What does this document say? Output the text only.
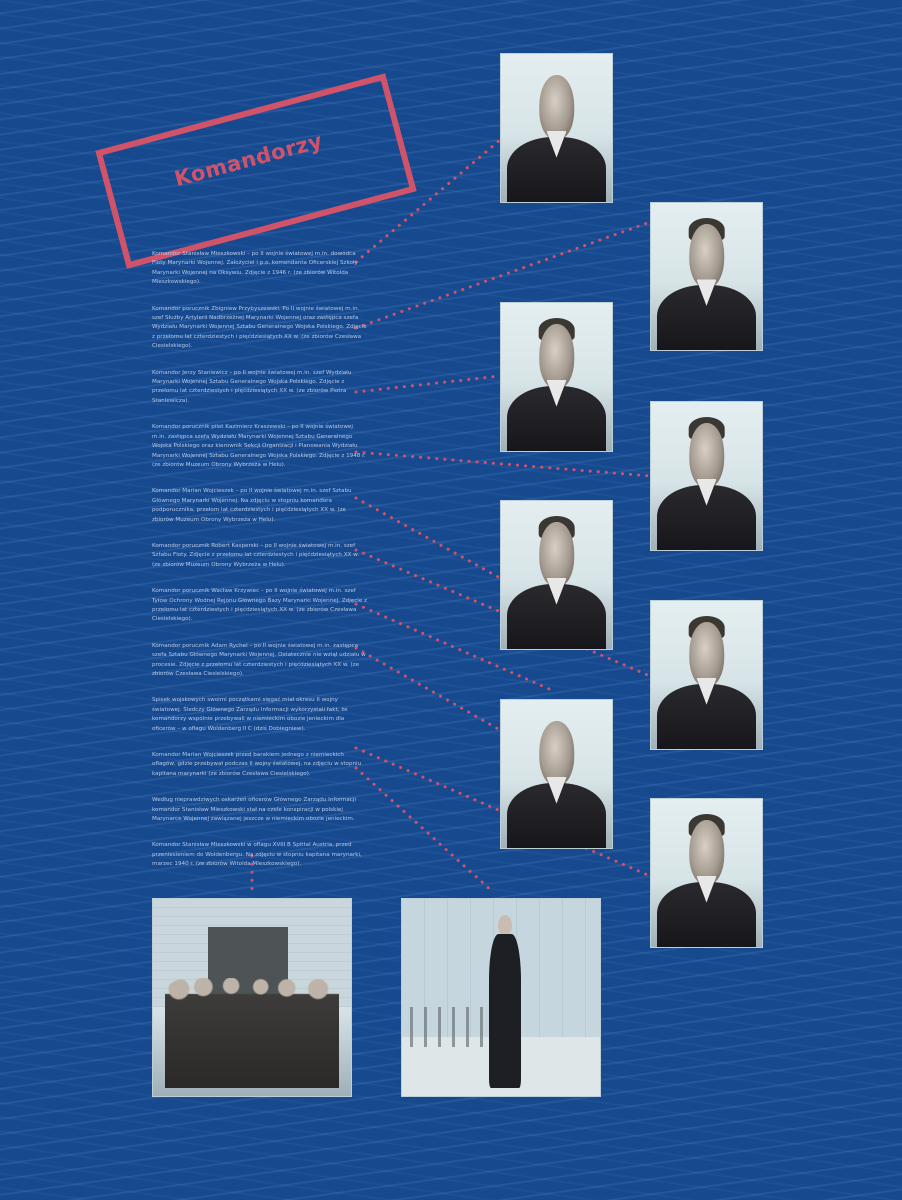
Komandorzy

Komandor Stanisław Mieszkowski – po II wojnie światowej m.in. dowódca Floty Marynarki Wojennej. Założyciel i p.o. komendanta Oficerskiej Szkoły Marynarki Wojennej na Oksywiu. Zdjęcie z 1946 r. (ze zbiorów Witolda Mieszkowskiego).

Komandor porucznik Zbigniew Przybyszewski. Po II wojnie światowej m.in. szef Służby Artylerii Nadbrzeżnej Marynarki Wojennej oraz zastępca szefa Wydziału Marynarki Wojennej Sztabu Generalnego Wojska Polskiego. Zdjęcie z przełomu lat czterdziestych i pięćdziesiątych XX w. (ze zbiorów Czesława Ciesielskiego).

Komandor Jerzy Staniewicz – po II wojnie światowej m.in. szef Wydziału Marynarki Wojennej Sztabu Generalnego Wojska Polskiego. Zdjęcie z przełomu lat czterdziestych i pięćdziesiątych XX w. (ze zbiorów Piotra Staniewicza).

Komandor porucznik pilot Kazimierz Kraszewski – po II wojnie światowej m.in. zastępca szefa Wydziału Marynarki Wojennej Sztabu Generalnego Wojska Polskiego oraz kierownik Sekcji Organizacji i Planowania Wydziału Marynarki Wojennej Sztabu Generalnego Wojska Polskiego. Zdjęcie z 1948 r. (ze zbiorów Muzeum Obrony Wybrzeża w Helu).

Komandor Marian Wojcieszek – po II wojnie światowej m.in. szef Sztabu Głównego Marynarki Wojennej. Na zdjęciu w stopniu komandora podporucznika, przełom lat czterdziestych i pięćdziesiątych XX w. (ze zbiorów Muzeum Obrony Wybrzeża w Helu).

Komandor porucznik Robert Kasperski – po II wojnie światowej m.in. szef Sztabu Floty. Zdjęcie z przełomu lat czterdziestych i pięćdziesiątych XX w. (ze zbiorów Muzeum Obrony Wybrzeża w Helu).

Komandor porucznik Wacław Krzywiec – po II wojnie światowej m.in. szef Tyłów Ochrony Wodnej Rejonu Głównego Bazy Marynarki Wojennej. Zdjęcie z przełomu lat czterdziestych i pięćdziesiątych XX w. (ze zbiorów Czesława Ciesielskiego).

Komandor porucznik Adam Rychel – po II wojnie światowej m.in. zastępca szefa Sztabu Głównego Marynarki Wojennej. Ostatecznie nie wziął udziału w procesie. Zdjęcie z przełomu lat czterdziestych i pięćdziesiątych XX w. (ze zbiorów Czesława Ciesielskiego).

Spisek wojskowych swoimi początkami sięgać miał okresu II wojny światowej. Śledczy Głównego Zarządu Informacji wykorzystali fakt, że komandorzy wspólnie przebywali w niemieckim obozie jenieckim dla oficerów – w oflagu Woldenberg II C (dziś Dobiegniew).

Komandor Marian Wojcieszek przed barakiem jednego z niemieckich oflagów, gdzie przebywał podczas II wojny światowej, na zdjęciu w stopniu kapitana marynarki (ze zbiorów Czesława Ciesielskiego).

Według nieprawdziwych oskarżeń oficerów Głównego Zarządu Informacji komandor Stanisław Mieszkowski stał na czele konspiracji w polskiej Marynarce Wojennej zawiązanej jeszcze w niemieckim obozie jenieckim.

Komandor Stanisław Mieszkowski w oflagu XVIII B Spittal Austria, przed przeniesieniem do Woldenbergu. Na zdjęciu w stopniu kapitana marynarki, marzec 1940 r. (ze zbiorów Witolda Mieszkowskiego).
